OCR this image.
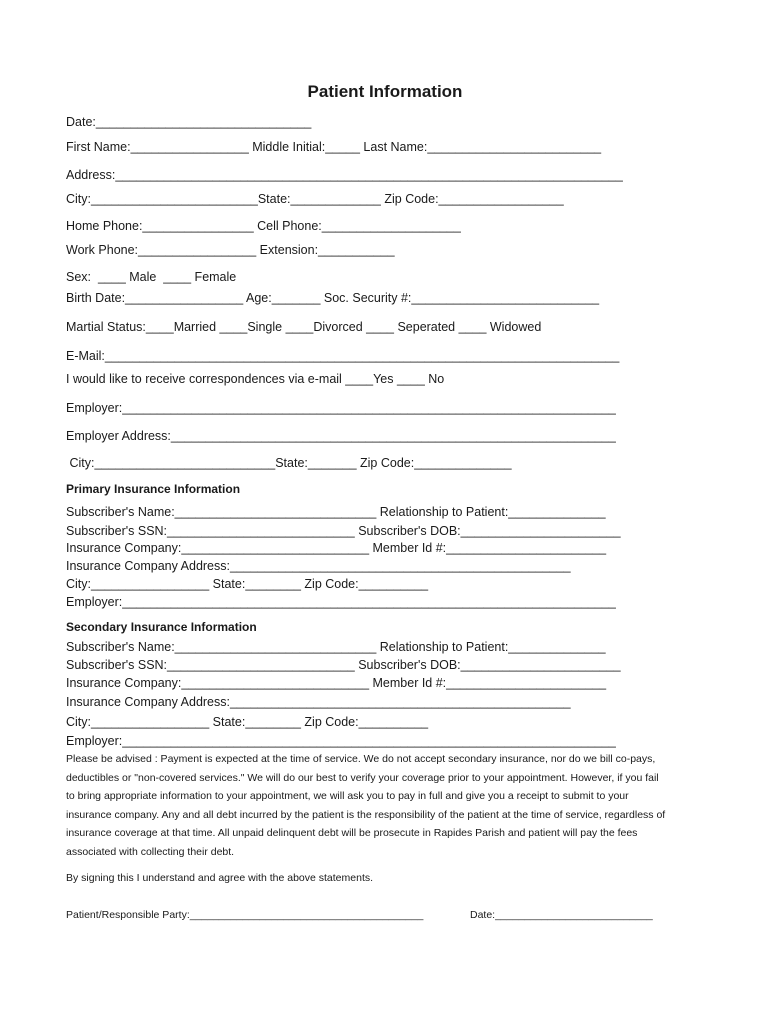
Patient Information
Date:_______________________________
First Name:_________________ Middle Initial:_____ Last Name:_________________________
Address:_________________________________________________________________________
City:________________________State:_____________ Zip Code:__________________
Home Phone:________________ Cell Phone:____________________
Work Phone:_________________ Extension:___________
Sex:  ____ Male  ____ Female
Birth Date:_________________ Age:_______ Soc. Security #:___________________________
Martial Status:____Married ____Single ____Divorced ____ Seperated ____ Widowed
E-Mail:__________________________________________________________________________
I would like to receive correspondences via e-mail ____Yes ____ No
Employer:_______________________________________________________________________
Employer Address:________________________________________________________________
City:__________________________State:_______ Zip Code:______________
Primary Insurance Information
Subscriber's Name:_____________________________ Relationship to Patient:______________
Subscriber's SSN:___________________________ Subscriber's DOB:_______________________
Insurance Company:___________________________ Member Id #:_______________________
Insurance Company Address:_________________________________________________
City:_________________ State:________ Zip Code:__________
Employer:_______________________________________________________________________
Secondary Insurance Information
Subscriber's Name:_____________________________ Relationship to Patient:______________
Subscriber's SSN:___________________________ Subscriber's DOB:_______________________
Insurance Company:___________________________ Member Id #:_______________________
Insurance Company Address:_________________________________________________
City:_________________ State:________ Zip Code:__________
Employer:_______________________________________________________________________
Please be advised : Payment is expected at the time of service. We do not accept secondary insurance, nor do we bill co-pays, deductibles or "non-covered services." We will do our best to verify your coverage prior to your appointment. However, if you fail to bring appropriate information to your appointment, we will ask you to pay in full and give you a receipt to submit to your insurance company. Any and all debt incurred by the patient is the responsibility of the patient at the time of service, regardless of insurance coverage at that time. All unpaid delinquent debt will be prosecute in Rapides Parish and patient will pay the fees associated with collecting their debt.
By signing this I understand and agree with the above statements.
Patient/Responsible Party:________________________________________	Date:___________________________
